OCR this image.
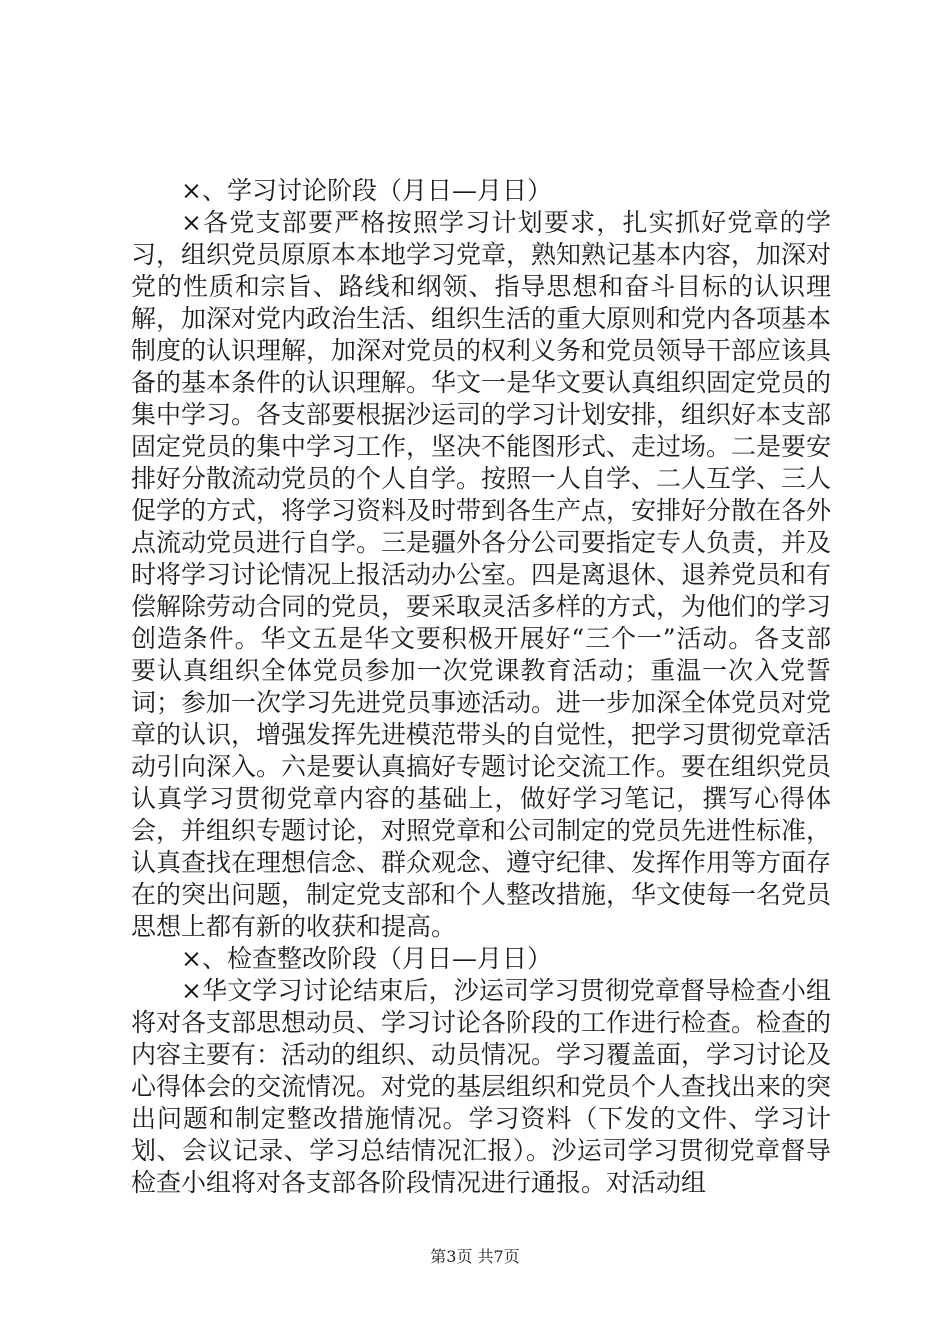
×、学习讨论阶段（月日—月日）

×各党支部要严格按照学习计划要求，扎实抓好党章的学习，组织党员原原本本地学习党章，熟知熟记基本内容，加深对党的性质和宗旨、路线和纲领、指导思想和奋斗目标的认识理解，加深对党内政治生活、组织生活的重大原则和党内各项基本制度的认识理解，加深对党员的权利义务和党员领导干部应该具备的基本条件的认识理解。华文一是华文要认真组织固定党员的集中学习。各支部要根据沙运司的学习计划安排，组织好本支部固定党员的集中学习工作，坚决不能图形式、走过场。二是要安排好分散流动党员的个人自学。按照一人自学、二人互学、三人促学的方式，将学习资料及时带到各生产点，安排好分散在各外点流动党员进行自学。三是疆外各分公司要指定专人负责，并及时将学习讨论情况上报活动办公室。四是离退休、退养党员和有偿解除劳动合同的党员，要采取灵活多样的方式，为他们的学习创造条件。华文五是华文要积极开展好“三个一”活动。各支部要认真组织全体党员参加一次党课教育活动；重温一次入党誓词；参加一次学习先进党员事迹活动。进一步加深全体党员对党章的认识，增强发挥先进模范带头的自觉性，把学习贯彻党章活动引向深入。六是要认真搞好专题讨论交流工作。要在组织党员认真学习贯彻党章内容的基础上，做好学习笔记，撰写心得体会，并组织专题讨论，对照党章和公司制定的党员先进性标准，认真查找在理想信念、群众观念、遵守纪律、发挥作用等方面存在的突出问题，制定党支部和个人整改措施，华文使每一名党员思想上都有新的收获和提高。

×、检查整改阶段（月日—月日）

×华文学习讨论结束后，沙运司学习贯彻党章督导检查小组将对各支部思想动员、学习讨论各阶段的工作进行检查。检查的内容主要有：活动的组织、动员情况。学习覆盖面，学习讨论及心得体会的交流情况。对党的基层组织和党员个人查找出来的突出问题和制定整改措施情况。学习资料（下发的文件、学习计划、会议记录、学习总结情况汇报）。沙运司学习贯彻党章督导检查小组将对各支部各阶段情况进行通报。对活动组

第3页 共7页
